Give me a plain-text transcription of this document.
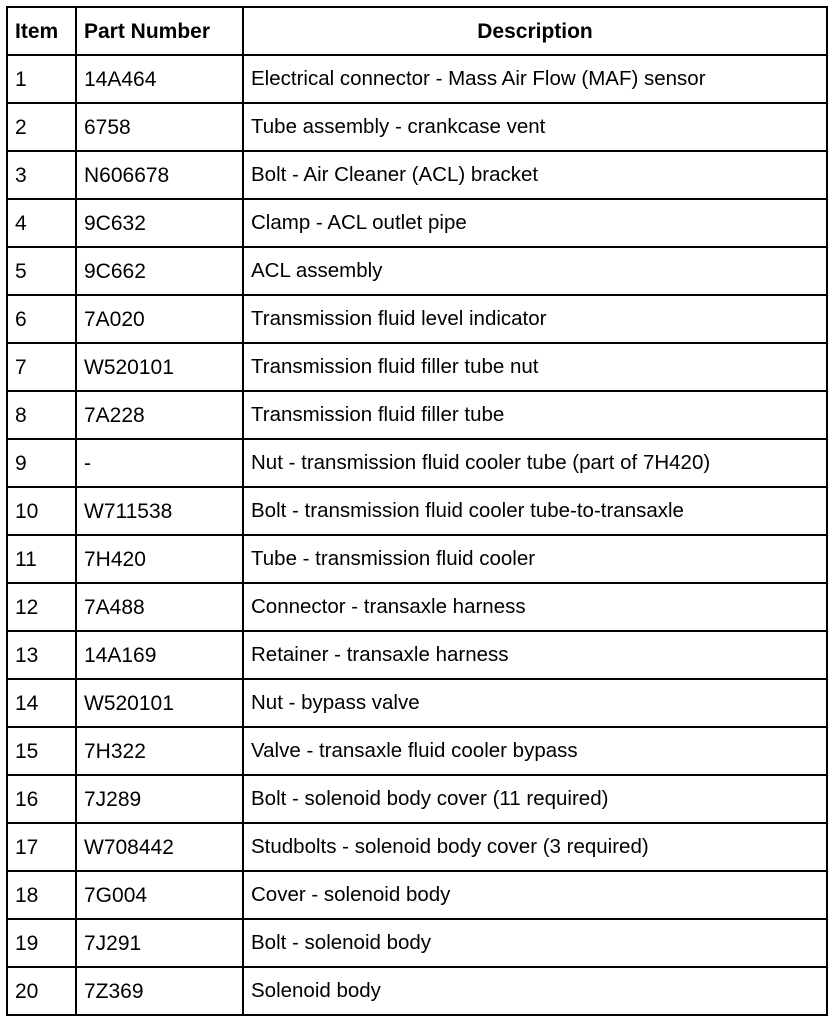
Item	Part Number	Description
1	14A464	Electrical connector - Mass Air Flow (MAF) sensor
2	6758	Tube assembly - crankcase vent
3	N606678	Bolt - Air Cleaner (ACL) bracket
4	9C632	Clamp - ACL outlet pipe
5	9C662	ACL assembly
6	7A020	Transmission fluid level indicator
7	W520101	Transmission fluid filler tube nut
8	7A228	Transmission fluid filler tube
9	-	Nut - transmission fluid cooler tube (part of 7H420)
10	W711538	Bolt - transmission fluid cooler tube-to-transaxle
11	7H420	Tube - transmission fluid cooler
12	7A488	Connector - transaxle harness
13	14A169	Retainer - transaxle harness
14	W520101	Nut - bypass valve
15	7H322	Valve - transaxle fluid cooler bypass
16	7J289	Bolt - solenoid body cover (11 required)
17	W708442	Studbolts - solenoid body cover (3 required)
18	7G004	Cover - solenoid body
19	7J291	Bolt - solenoid body
20	7Z369	Solenoid body
